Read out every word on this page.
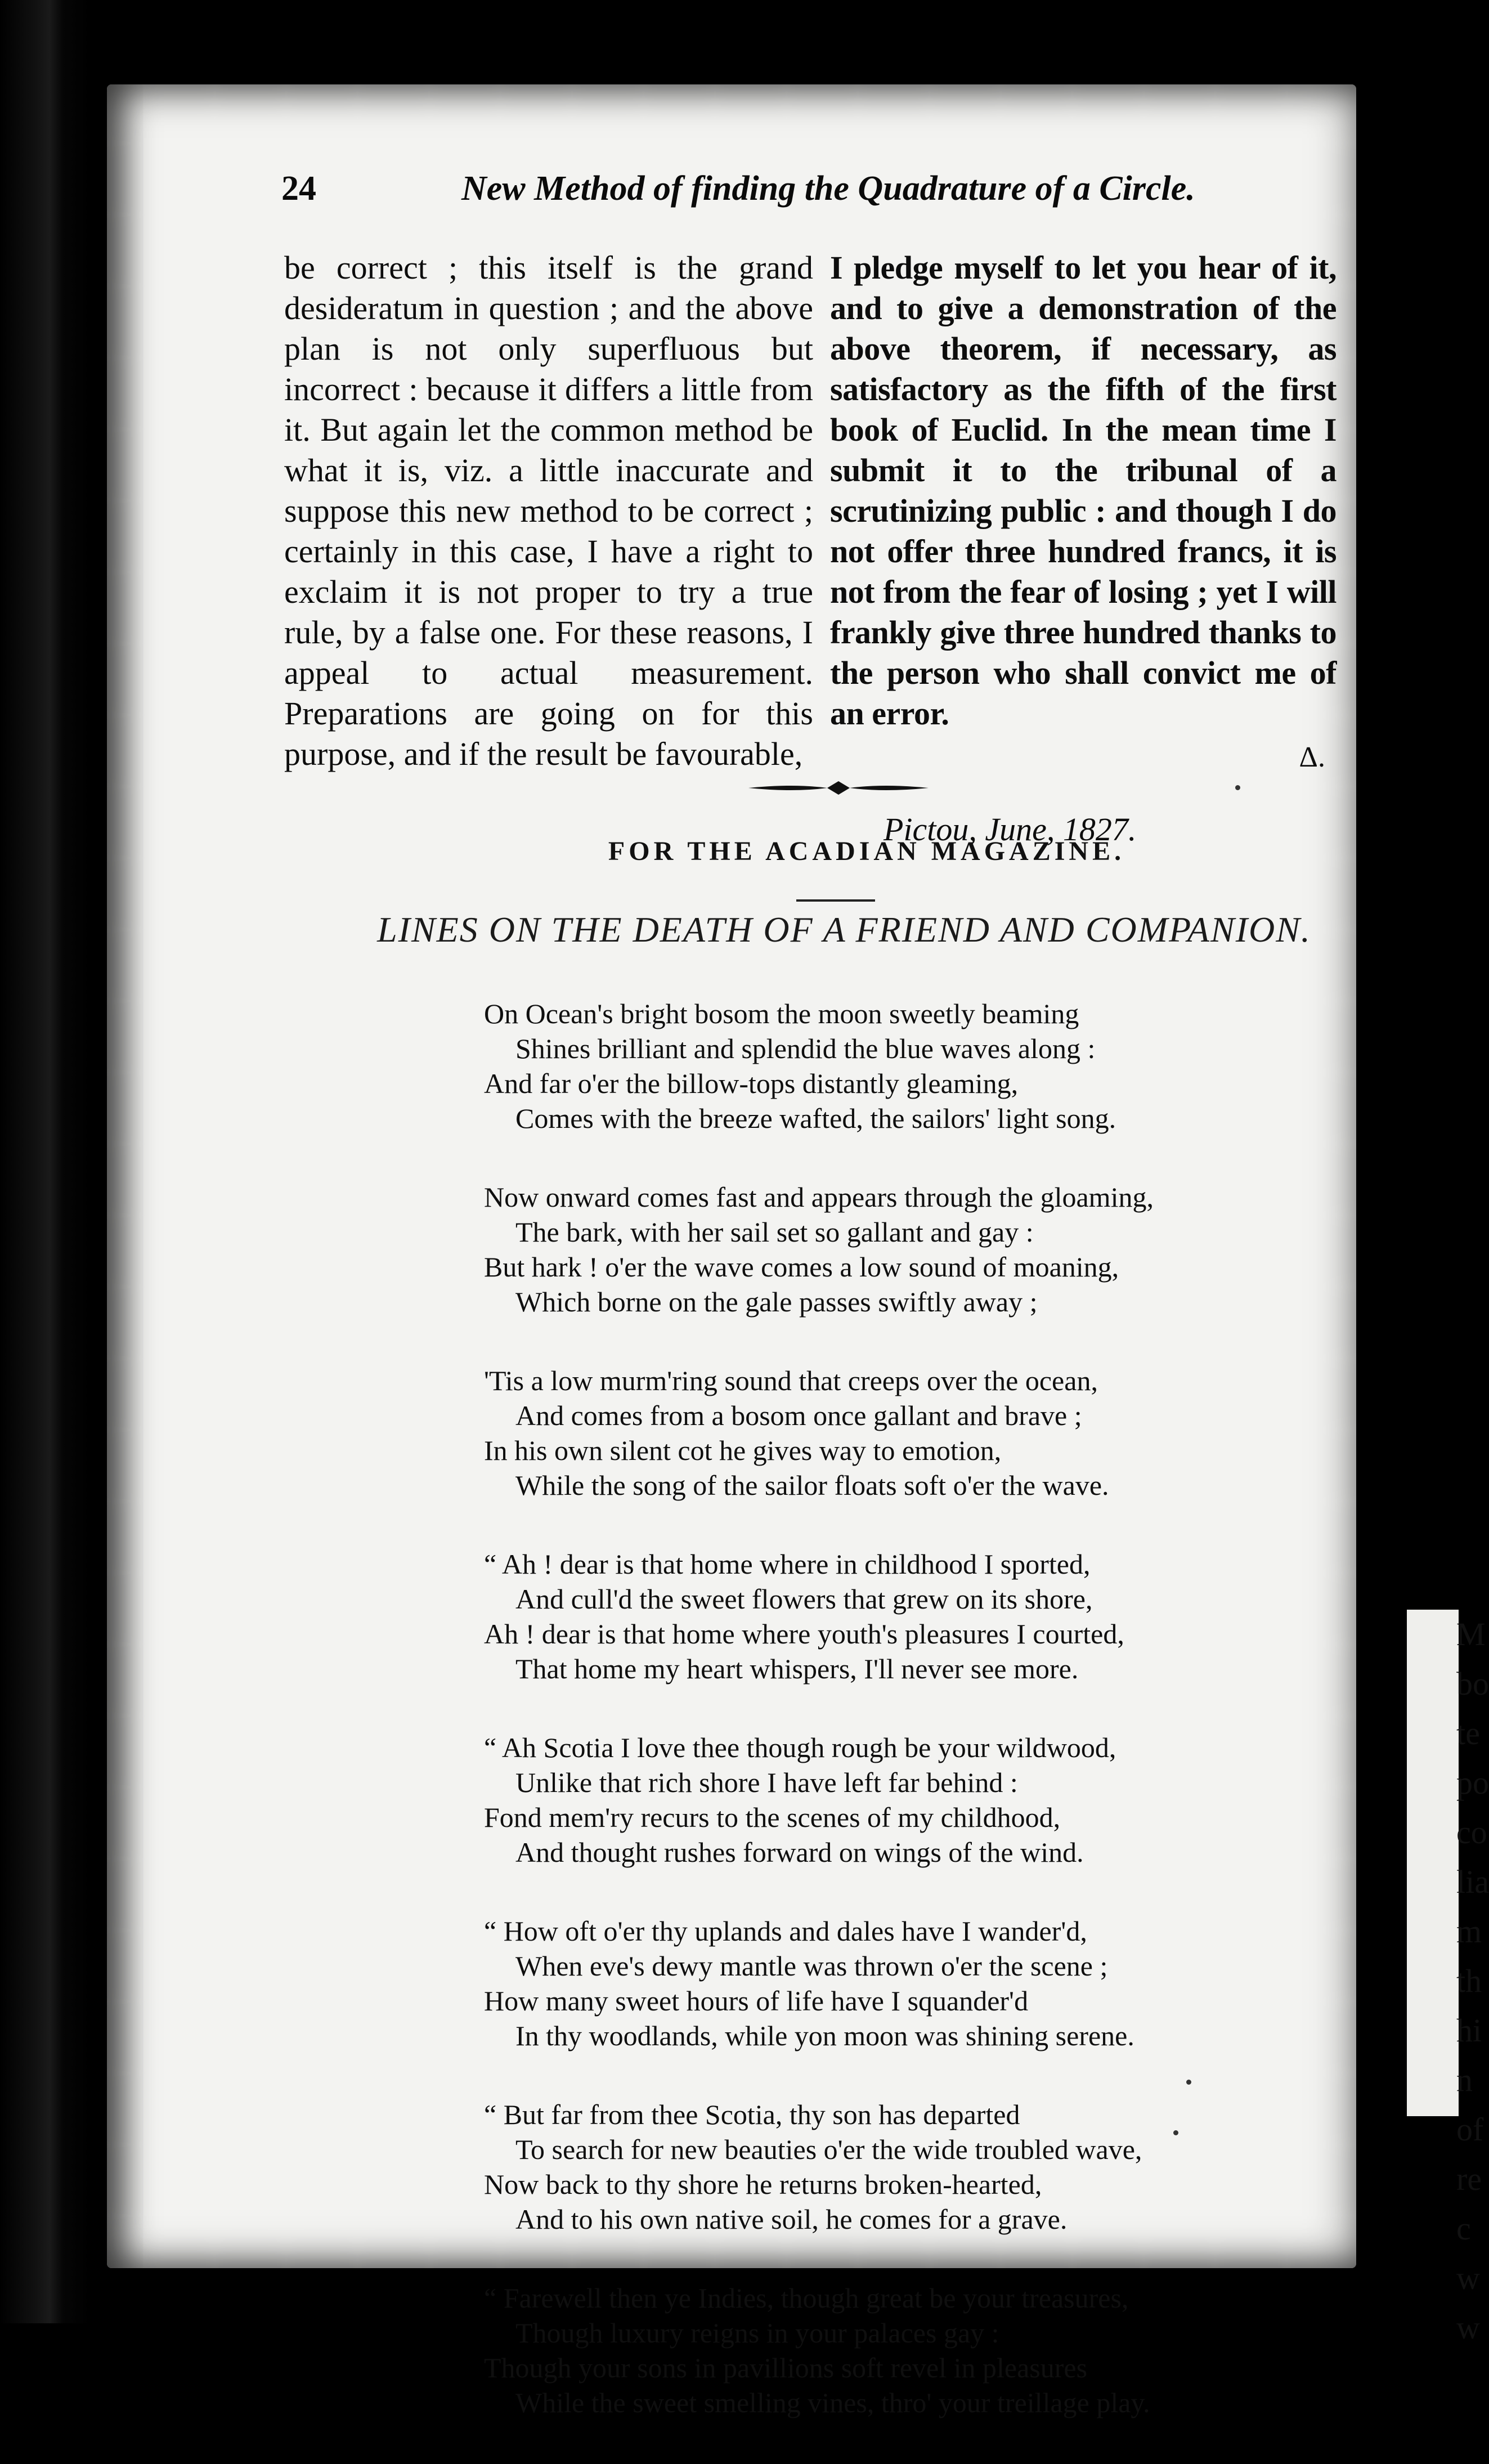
M
bo
te
po
co
lia
m
th
hi
n
of
re
c
w
w
24	New Method of finding the Quadrature of a Circle.

be correct ; this itself is the grand desideratum in question ; and the above plan is not only superfluous but incorrect : because it differs a little from it. But again let the common method be what it is, viz. a little inaccurate and suppose this new method to be correct ; certainly in this case, I have a right to exclaim it is not proper to try a true rule, by a false one. For these reasons, I appeal to actual measurement. Preparations are going on for this purpose, and if the result be favourable,

I pledge myself to let you hear of it, and to give a demonstration of the above theorem, if necessary, as satisfactory as the fifth of the first book of Euclid. In the mean time I submit it to the tribunal of a scrutinizing public : and though I do not offer three hundred francs, it is not from the fear of losing ; yet I will frankly give three hundred thanks to the person who shall convict me of an error.

Δ.
Pictou, June, 1827.
FOR THE ACADIAN MAGAZINE.
LINES ON THE DEATH OF A FRIEND AND COMPANION.
On Ocean's bright bosom the moon sweetly beaming
Shines brilliant and splendid the blue waves along :
And far o'er the billow-tops distantly gleaming,
Comes with the breeze wafted, the sailors' light song.
Now onward comes fast and appears through the gloaming,
The bark, with her sail set so gallant and gay :
But hark ! o'er the wave comes a low sound of moaning,
Which borne on the gale passes swiftly away ;
'Tis a low murm'ring sound that creeps over the ocean,
And comes from a bosom once gallant and brave ;
In his own silent cot he gives way to emotion,
While the song of the sailor floats soft o'er the wave.
“ Ah ! dear is that home where in childhood I sported,
And cull'd the sweet flowers that grew on its shore,
Ah ! dear is that home where youth's pleasures I courted,
That home my heart whispers, I'll never see more.
“ Ah Scotia I love thee though rough be your wildwood,
Unlike that rich shore I have left far behind :
Fond mem'ry recurs to the scenes of my childhood,
And thought rushes forward on wings of the wind.
“ How oft o'er thy uplands and dales have I wander'd,
When eve's dewy mantle was thrown o'er the scene ;
How many sweet hours of life have I squander'd
In thy woodlands, while yon moon was shining serene.
“ But far from thee Scotia, thy son has departed
To search for new beauties o'er the wide troubled wave,
Now back to thy shore he returns broken-hearted,
And to his own native soil, he comes for a grave.
“ Farewell then ye Indies, though great be your treasures,
Though luxury reigns in your palaces gay :
Though your sons in pavillions soft revel in pleasures
While the sweet smelling vines, thro' your treillage play.
